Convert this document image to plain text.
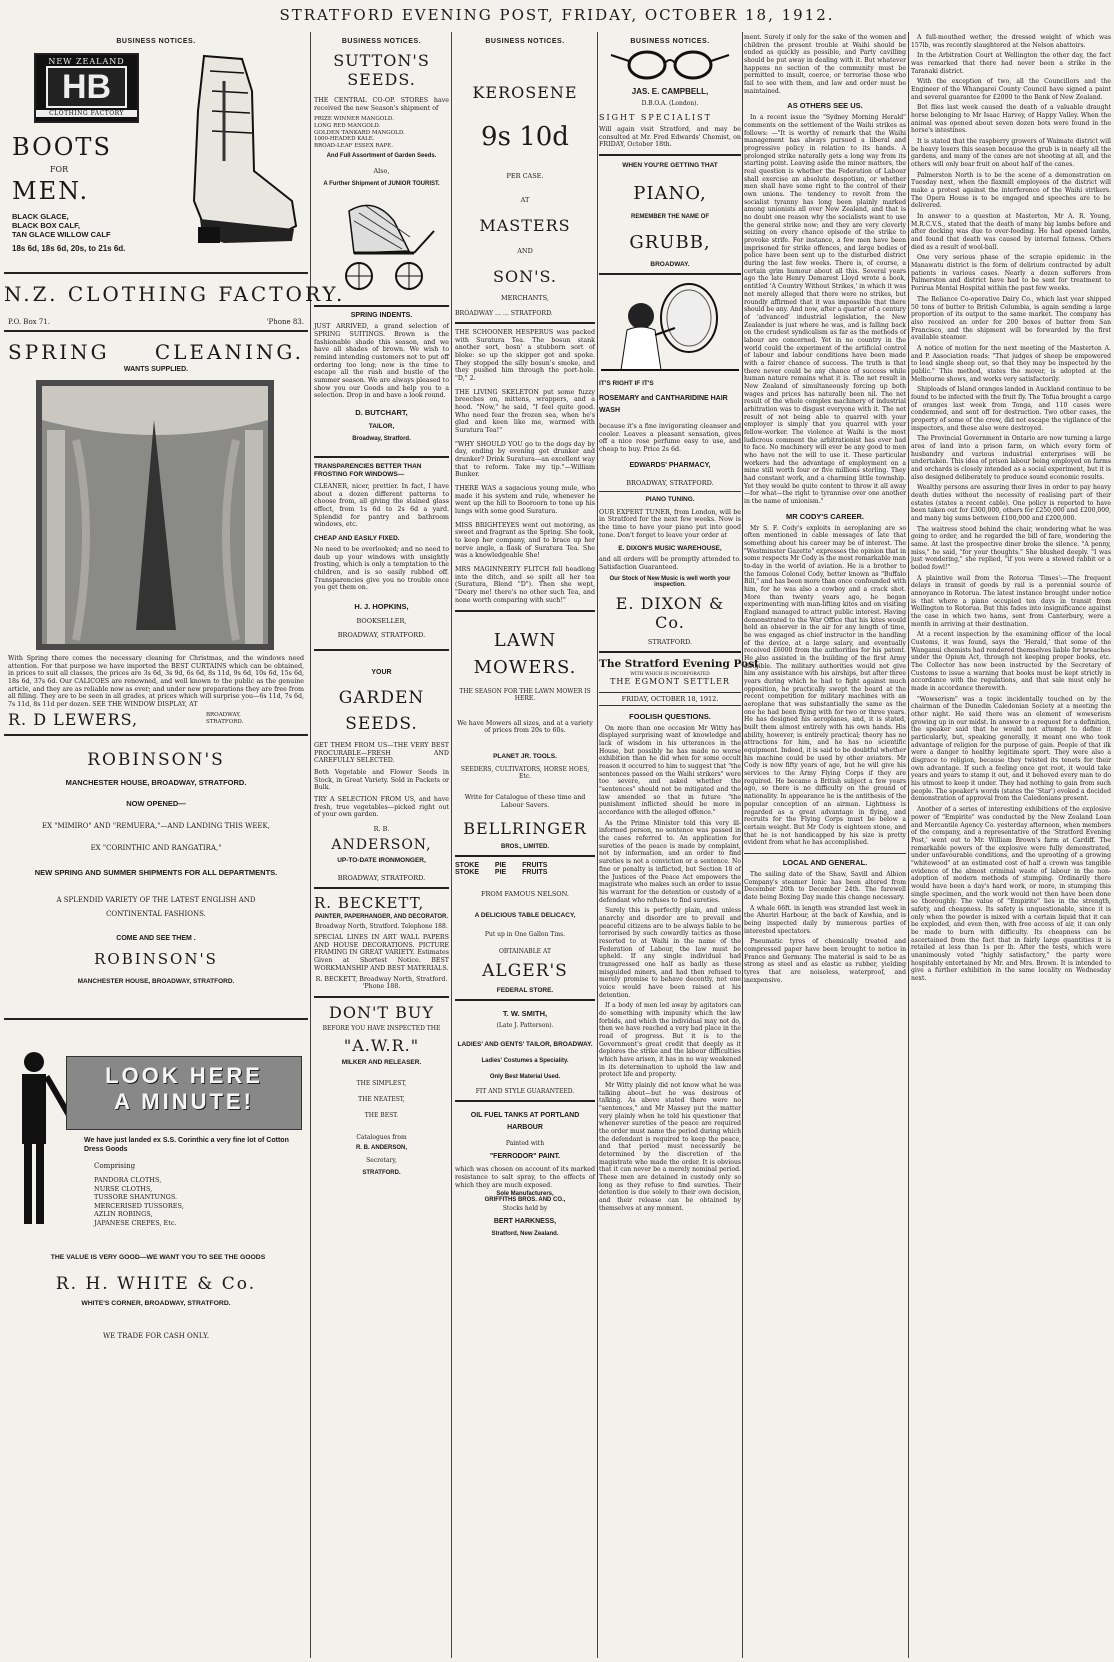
STRATFORD EVENING POST, FRIDAY, OCTOBER 18, 1912.
BUSINESS NOTICES.
NEW ZEALAND
HB
CLOTHING FACTORY
BOOTS
FOR
MEN.
BLACK GLACE,
BLACK BOX CALF,
TAN GLACE WILLOW CALF
18s 6d, 18s 6d, 20s, to 21s 6d.
N.Z. CLOTHING FACTORY.
P.O. Box 71.	'Phone 83.
SPRING CLEANING.
WANTS SUPPLIED.
With Spring there comes the necessary cleaning for Christmas, and the windows need attention. For that purpose we have imported the BEST CURTAINS which can be obtained, in prices to suit all classes, the prices are 3s 6d, 3s 9d, 6s 6d, 8s 11d, 9s 6d, 10s 6d, 15s 6d, 18s 6d, 37s 6d. Our CALICOES are renowned, and well known to the public as the genuine article, and they are as reliable now as ever; and under new preparations they are free from all filling. They are to be seen in all grades, at prices which will surprise you—6s 11d, 7s 6d, 7s 11d, 8s 11d per dozen. SEE THE WINDOW DISPLAY, AT
R. D LEWERS,	BROADWAY,
STRATFORD.
ROBINSON'S
MANCHESTER HOUSE, BROADWAY, STRATFORD.
NOW OPENED—
EX "MIMIRO" AND "REMUERA,"—AND LANDING THIS WEEK,
EX "CORINTHIC AND RANGATIRA,"
NEW SPRING AND SUMMER SHIPMENTS FOR ALL DEPARTMENTS.
A SPLENDID VARIETY OF THE LATEST ENGLISH AND CONTINENTAL FASHIONS.
COME AND SEE THEM .
ROBINSON'S
MANCHESTER HOUSE, BROADWAY, STRATFORD.
LOOK HERE
A MINUTE!
We have just landed ex S.S. Corinthic a very fine lot of Cotton Dress Goods
Comprising
PANDORA CLOTHS,
NURSE CLOTHS,
TUSSORE SHANTUNGS.
MERCERISED TUSSORES,
AZLIN ROBINGS,
JAPANESE CREPES, Etc.
THE VALUE IS VERY GOOD—WE WANT YOU TO SEE THE GOODS
R. H. WHITE & Co.
WHITE'S CORNER, BROADWAY, STRATFORD.
WE TRADE FOR CASH ONLY.
BUSINESS NOTICES.
SUTTON'S
SEEDS.
THE CENTRAL CO-OP. STORES have received the new Season's shipment of
PRIZE WINNER MANGOLD.
LONG RED MANGOLD.
GOLDEN TANKARD MANGOLD.
1000-HEADED KALE.
BROAD-LEAF ESSEX RAPE.
And Full Assortment of Garden Seeds.
Also,
A Further Shipment of JUNIOR TOURIST.
SPRING INDENTS.
JUST ARRIVED, a grand selection of SPRING SUITINGS. Brown is the fashionable shade this season, and we have all shades of brown. We wish to remind intending customers not to put off ordering too long; now is the time to escape all the rush and bustle of the summer season. We are always pleased to show you our Goods and help you to a selection. Drop in and have a look round.
D. BUTCHART,
TAILOR,
Broadway, Stratford.
TRANSPARENCIES BETTER THAN FROSTING FOR WINDOWS—
CLEANER, nicer, prettier. In fact, I have about a dozen different patterns to choose from, all giving the stained glass effect, from 1s 6d to 2s 6d a yard. Splendid for pantry and bathroom windows, etc.
CHEAP AND EASILY FIXED.
No need to be overlooked; and no need to daub up your windows with unsightly frosting, which is only a temptation to the children, and is so easily rubbed off. Transparencies give you no trouble once you get them on.
H. J. HOPKINS,
BOOKSELLER,
BROADWAY, STRATFORD.
YOUR
GARDEN
SEEDS.
GET THEM FROM US—THE VERY BEST PROCURABLE—FRESH AND CAREFULLY SELECTED.
Both Vegetable and Flower Seeds in Stock, in Great Variety. Sold in Packets or Bulk.
TRY A SELECTION FROM US, and have fresh, true vegetables—picked right out of your own garden.
R. B.
ANDERSON,
UP-TO-DATE IRONMONGER,
BROADWAY, STRATFORD.
R. BECKETT,
PAINTER, PAPERHANGER, AND DECORATOR.
Broadway North, Stratford. Telephone 188.
SPECIAL LINES IN ART WALL PAPERS AND HOUSE DECORATIONS. PICTURE FRAMING IN GREAT VARIETY. Estimates Given at Shortest Notice. BEST WORKMANSHIP AND BEST MATERIALS.
R. BECKETT, Broadway North, Stratford. 'Phone 188.
DON'T BUY
BEFORE YOU HAVE INSPECTED THE
"A.W.R."
MILKER AND RELEASER.
THE SIMPLEST,
THE NEATEST,
THE BEST.
Catalogues from
R. B. ANDERSON,
Secretary,
STRATFORD.
BUSINESS NOTICES.
KEROSENE
9s 10d
PER CASE.
AT
MASTERS
AND
SON'S.
MERCHANTS,
BROADWAY ... ... STRATFORD.
THE SCHOONER HESPERUS was packed with Suratura Tea. The bosun stank another sort, bosn' a stubborn sort of bloke: so up the skipper got and spoke. They stopped the silly bosun's smoke, and they pushed him through the port-hole. "D," 2.
THE LIVING SKELETON put some fuzzy breeches on, mittens, wrappers, and a hood. "Now," he said, "I feel quite good. Who need fear the frozen sea, when he's glad and keen like me, warmed with Suratura Tea!"
"WHY SHOULD YOU go to the dogs day by day, ending by evening get drunker and drunker? Drink Suratura—an excellent way that to reform. Take my tip."—William Bunker.
THERE WAS a sagacious young mule, who made it his system and rule, whenever he went up the hill to Booroorn to tone up his lungs with some good Suratura.
MISS BRIGHTEYES went out motoring, as sweet and fragrant as the Spring. She took, to keep her company, and to brace up her nerve angle, a flask of Suratura Tea. She was a knowledgeable She!
MRS MAGINNERTY FLITCH fell headlong into the ditch, and so spilt all her tea (Suratura, Blend "D"). Then she wept, "Deary me! there's no other such Tea, and none worth comparing with such!"
LAWN
MOWERS.
THE SEASON FOR THE LAWN MOWER IS HERE.
We have Mowers all sizes, and at a variety of prices from 20s to 60s.
PLANET JR. TOOLS.
SEEDERS, CULTIVATORS, HORSE HOES, Etc.
Write for Catalogue of these time and Labour Savers.
BELLRINGER
BROS., LIMITED.
STOKE PIE FRUITS
STOKE PIE FRUITS
FROM FAMOUS NELSON.
A DELICIOUS TABLE DELICACY,
Put up in One Gallon Tins.
OBTAINABLE AT
ALGER'S
FEDERAL STORE.
T. W. SMITH,
(Late J. Patterson).
LADIES' AND GENTS' TAILOR, BROADWAY.
Ladies' Costumes a Speciality.
Only Best Material Used.
FIT AND STYLE GUARANTEED.
OIL FUEL TANKS AT PORTLAND HARBOUR
Painted with
"FERRODOR" PAINT.
which was chosen on account of its marked resistance to salt spray, to the effects of which they are much exposed.
Sole Manufacturers,
GRIFFITHS BROS. AND CO.,
Stocks held by
BERT HARKNESS,
Stratford, New Zealand.
BUSINESS NOTICES.
JAS. E. CAMPBELL,
D.B.O.A. (London).
SIGHT SPECIALIST
Will again visit Stratford, and may be consulted at Mr. Fred Edwards' Chemist, on FRIDAY, October 18th.
WHEN YOU'RE GETTING THAT
PIANO,
REMEMBER THE NAME OF
GRUBB,
BROADWAY.
IT'S RIGHT IF IT'S
ROSEMARY and CANTHARIDINE HAIR WASH
because it's a fine invigorating cleanser and cooler. Leaves a pleasant sensation, gives off a nice rose perfume easy to use, and cheap to buy. Price 2s 6d.
EDWARDS' PHARMACY,
BROADWAY, STRATFORD.
PIANO TUNING.
OUR EXPERT TUNER, from London, will be in Stratford for the next few weeks. Now is the time to have your piano put into good tone. Don't forget to leave your order at
E. DIXON'S MUSIC WAREHOUSE,
and all orders will be promptly attended to. Satisfaction Guaranteed.
Our Stock of New Music is well worth your inspection.
E. DIXON & Co.
STRATFORD.
The Stratford Evening Post
WITH WHICH IS INCORPORATED
THE EGMONT SETTLER
FRIDAY, OCTOBER 18, 1912.
FOOLISH QUESTIONS.
On more than one occasion Mr Witty has displayed surprising want of knowledge and lack of wisdom in his utterances in the House, but possibly he has made no worse exhibition than he did when for some occult reason it occurred to him to suggest that "the sentences passed on the Waihi strikers" were too severe, and asked whether the "sentences" should not be mitigated and the law amended so that in future "the punishment inflicted should be more in accordance with the alleged offence."
As the Prime Minister told this very ill-informed person, no sentence was passed in the cases referred to. An application for sureties of the peace is made by complaint, not by information, and an order to find sureties is not a conviction or a sentence. No fine or penalty is inflicted, but Section 18 of the Justices of the Peace Act empowers the magistrate who makes such an order to issue his warrant for the detention or custody of a defendant who refuses to find sureties.
Surely this is perfectly plain, and unless anarchy and disorder are to prevail and peaceful citizens are to be always liable to be terrorised by such cowardly tactics as those resorted to at Waihi in the name of the Federation of Labour, the law must be upheld. If any single individual had transgressed one half as badly as these misguided miners, and had then refused to merely promise to behave decently, not one voice would have been raised at his detention.
If a body of men led away by agitators can do something with impunity which the law forbids, and which the individual may not do, then we have reached a very bad place in the road of progress. But it is to the Government's great credit that deeply as it deplores the strike and the labour difficulties which have arisen, it has in no way weakened in its determination to uphold the law and protect life and property.
Mr Witty plainly did not know what he was talking about—but he was desirous of talking. As above stated there were no "sentences," and Mr Massey put the matter very plainly when he told his questioner that whenever sureties of the peace are required the order must name the period during which the defendant is required to keep the peace, and that period must necessarily be determined by the discretion of the magistrate who made the order. It is obvious that it can never be a merely nominal period. These men are detained in custody only so long as they refuse to find sureties. Their detention is due solely to their own decision, and their release can be obtained by themselves at any moment.
ment. Surely if only for the sake of the women and children the present trouble at Waihi should be ended as quickly as possible, and Party cavilling should be put away in dealing with it. But whatever happens no section of the community must be permitted to insult, coerce, or terrorise those who fail to see with them, and law and order must be maintained.
AS OTHERS SEE US.
In a recent issue the "Sydney Morning Herald" comments on the settlement of the Waihi strikes as follows: —"It is worthy of remark that the Waihi management has always pursued a liberal and progressive policy in relation to its hands. A prolonged strike naturally gets a long way from its starting point. Leaving aside the minor matters, the real question is whether the Federation of Labour shall exercise an absolute despotism, or whether men shall have some right to the control of their own unions. The tendency to revolt from the socialist tyranny has long been plainly marked among unionists all over New Zealand, and that is no doubt one reason why the socialists want to use the general strike now; and they are very cleverly seizing on every chance episode of the strike to provoke strife. For instance, a few men have been imprisoned for strike offences, and large bodies of police have been sent up to the disturbed district during the last few weeks. There is, of course, a certain grim humour about all this. Several years ago the late Henry Demarest Lloyd wrote a book, entitled 'A Country Without Strikes,' in which it was not merely alleged that there were no strikes, but roundly affirmed that it was impossible that there should be any. And now, after a quarter of a century of 'advanced' industrial legislation, the New Zealander is just where he was, and is falling back on the crudest syndicalism as far as the methods of labour are concerned. Yet in no country in the world could the experiment of the artificial control of labour and labour conditions have been made with a fairer chance of success. The truth is that there never could be any chance of success while human nature remains what it is. The net result in New Zealand of simultaneously forcing up both wages and prices has naturally been nil. The net result of the whole complex machinery of industrial arbitration was to disgust everyone with it. The net result of not being able to quarrel with your employer is simply that you quarrel with your fellow-worker. The violence at Waihi is the most ludicrous comment the arbitrationist has ever had to face. No machinery will ever be any good to men who have not the will to use it. These particular workers had the advantage of employment on a mine still worth four or five millions sterling. They had constant work, and a charming little township. Yet they would be quite content to throw it all away—for what—the right to tyrannise over one another in the name of unionism."
MR CODY'S CAREER.
Mr S. F. Cody's exploits in aeroplaning are so often mentioned in cable messages of late that something about his career may be of interest. The "Westminster Gazette" expresses the opinion that in some respects Mr Cody is the most remarkable man to-day in the world of aviation. He is a brother to the famous Colonel Cody, better known as "Buffalo Bill," and has been more than once confounded with him, for he was also a cowboy and a crack shot. More than twenty years ago, he began experimenting with man-lifting kites and on visiting England managed to attract public interest. Having demonstrated to the War Office that his kites would hold an observer in the air for any length of time, he was engaged as chief instructor in the handling of the device, at a large salary, and eventually received £6000 from the authorities for his patent. He also assisted in the building of the first Army dirigible. The military authorities would not give him any assistance with his airships, but after three years during which he had to fight against much opposition, he practically swept the board at the recent competition for military machines with an aeroplane that was substantially the same as the one he had been flying with for two or three years. He has designed his aeroplanes, and, it is stated, built them almost entirely with his own hands. His ability, however, is entirely practical; theory has no attractions for him, and he has no scientific equipment. Indeed, it is said to be doubtful whether his machine could be used by other aviators. Mr Cody is now fifty years of age, but he will give his services to the Army Flying Corps if they are required. He became a British subject a few years ago, so there is no difficulty on the ground of nationality. In appearance he is the antithesis of the popular conception of an airman. Lightness is regarded as a great advantage in flying, and recruits for the Flying Corps must be below a certain weight. But Mr Cody is eighteen stone, and that he is not handicapped by his size is pretty evident from what he has accomplished.
LOCAL AND GENERAL.
The sailing date of the Shaw, Savill and Albion Company's steamer Ionic has been altered from December 20th to December 24th. The farewell date being Boxing Day made this change necessary.
A whale 66ft. in length was stranded last week in the Ahuriri Harbour, at the back of Kawhia, and is being inspected daily by numerous parties of interested spectators.
Pneumatic tyres of chemically treated and compressed paper have been brought to notice in France and Germany. The material is said to be as strong as steel and as elastic as rubber, yielding tyres that are noiseless, waterproof, and inexpensive.
A full-mouthed wether, the dressed weight of which was 157lb, was recently slaughtered at the Nelson abattoirs.
In the Arbitration Court at Wellington the other day, the fact was remarked that there had never been a strike in the Taranaki district.
With the exception of two, all the Councillors and the Engineer of the Whangarei County Council have signed a paint and several guarantee for £2000 to the Bank of New Zealand.
Bot flies last week caused the death of a valuable draught horse belonging to Mr Isaac Harvey, of Happy Valley. When the animal was opened about seven dozen bots were found in the horse's intestines.
It is stated that the raspberry growers of Waimate district will be heavy losers this season because the grub is in nearly all the gardens, and many of the canes are not shooting at all, and the others will only bear fruit on about half of the canes.
Palmerston North is to be the scene of a demonstration on Tuesday next, when the flaxmill employees of the district will make a protest against the interference of the Waihi strikers. The Opera House is to be engaged and speeches are to be delivered.
In answer to a question at Masterton, Mr A. R. Young, M.R.C.V.S., stated that the death of many big lambs before and after docking was due to over-feeding. He had opened lambs, and found that death was caused by internal fatness. Others died as a result of wool-ball.
One very serious phase of the scrapie epidemic in the Manawatu district is the form of delirium contracted by adult patients in various cases. Nearly a dozen sufferers from Palmerston and district have had to be sent for treatment to Porirua Mental Hospital within the past few weeks.
The Reliance Co-operative Dairy Co., which last year shipped 50 tons of butter to British Columbia, is again sending a large proportion of its output to the same market. The company has also received an order for 200 boxes of butter from San Francisco, and the shipment will be forwarded by the first available steamer.
A notice of motion for the next meeting of the Masterton A. and P. Association reads: "That judges of sheep be empowered to lead single sheep out, so that they may be inspected by the public." This method, states the mover, is adopted at the Melbourne shows, and works very satisfactorily.
Shiploads of Island oranges landed in Auckland continue to be found to be infected with the fruit fly. The Tofua brought a cargo of oranges last week from Tonga, and 110 cases were condemned, and sent off for destruction. Two other cases, the property of some of the crew, did not escape the vigilance of the inspectors, and these also were destroyed.
The Provincial Government in Ontario are now turning a large area of land into a prison farm, on which every form of husbandry and various industrial enterprises will be undertaken. This idea of prison labour being employed on farms and orchards is closely intended as a social experiment, but it is also designed deliberately to produce sound economic results.
Wealthy persons are assuring their lives in order to pay heavy death duties without the necessity of realising part of their estates (states a recent cable). One policy is reported to have been taken out for £300,000, others for £250,000 and £200,000, and many big sums between £100,000 and £200,000.
The waitress stood behind the chair, wondering what he was going to order, and he regarded the bill of fare, wondering the same. At last the prospective diner broke the silence. "A penny, miss," he said, "for your thoughts." She blushed deeply. "I was just wondering," she replied, "if you were a stewed rabbit or a boiled fowl!"
A plaintive wail from the Rotorua 'Times':—The frequent delays in transit of goods by rail is a perennial source of annoyance in Rotorua. The latest instance brought under notice is that where a piano occupied ten days in transit from Wellington to Rotorua. But this fades into insignificance against the case in which two hams, sent from Canterbury, were a month in arriving at their destination.
At a recent inspection by the examining officer of the local Customs, it was found, says the 'Herald,' that some of the Wanganui chemists had rendered themselves liable for breaches under the Opium Act, through not keeping proper books, etc. The Collector has now been instructed by the Secretary of Customs to issue a warning that books must be kept strictly in accordance with the regulations, and that sale must only be made in accordance therewith.
"Wowserism" was a topic incidentally touched on by the chairman of the Dunedin Caledonian Society at a meeting the other night. He said there was an element of wowserism growing up in our midst. In answer to a request for a definition, the speaker said that he would not attempt to define it particularly, but, speaking generally, it meant one who took advantage of religion for the purpose of gain. People of that ilk were a danger to healthy legitimate sport. They were also a disgrace to religion, because they twisted its tenets for their own advantage. If such a feeling once got root, it would take years and years to stamp it out, and it behoved every man to do his utmost to keep it under. They had nothing to gain from such people. The speaker's words (states the 'Star') evoked a decided demonstration of approval from the Caledonians present.
Another of a series of interesting exhibitions of the explosive power of "Empirite" was conducted by the New Zealand Loan and Mercantile Agency Co. yesterday afternoon, when members of the company, and a representative of the 'Stratford Evening Post,' went out to Mr. William Brown's farm at Cardiff. The remarkable powers of the explosive were fully demonstrated, under unfavourable conditions, and the uprooting of a growing "whitewood" at an estimated cost of half a crown was tangible evidence of the almost criminal waste of labour in the non-adoption of modern methods of stumping. Ordinarily there would have been a day's hard work, or more, in stumping this single specimen, and the work would not then have been done so thoroughly. The value of "Empirite" lies in the strength, safety, and cheapness. Its safety is unquestionable, since it is only when the powder is mixed with a certain liquid that it can be exploded, and even then, with free access of air, it can only be made to burn with difficulty. Its cheapness can be ascertained from the fact that in fairly large quantities it is retailed at less than 1s per lb. After the tests, which were unanimously voted "highly satisfactory," the party were hospitably entertained by Mr. and Mrs. Brown. It is intended to give a further exhibition in the same locality on Wednesday next.
